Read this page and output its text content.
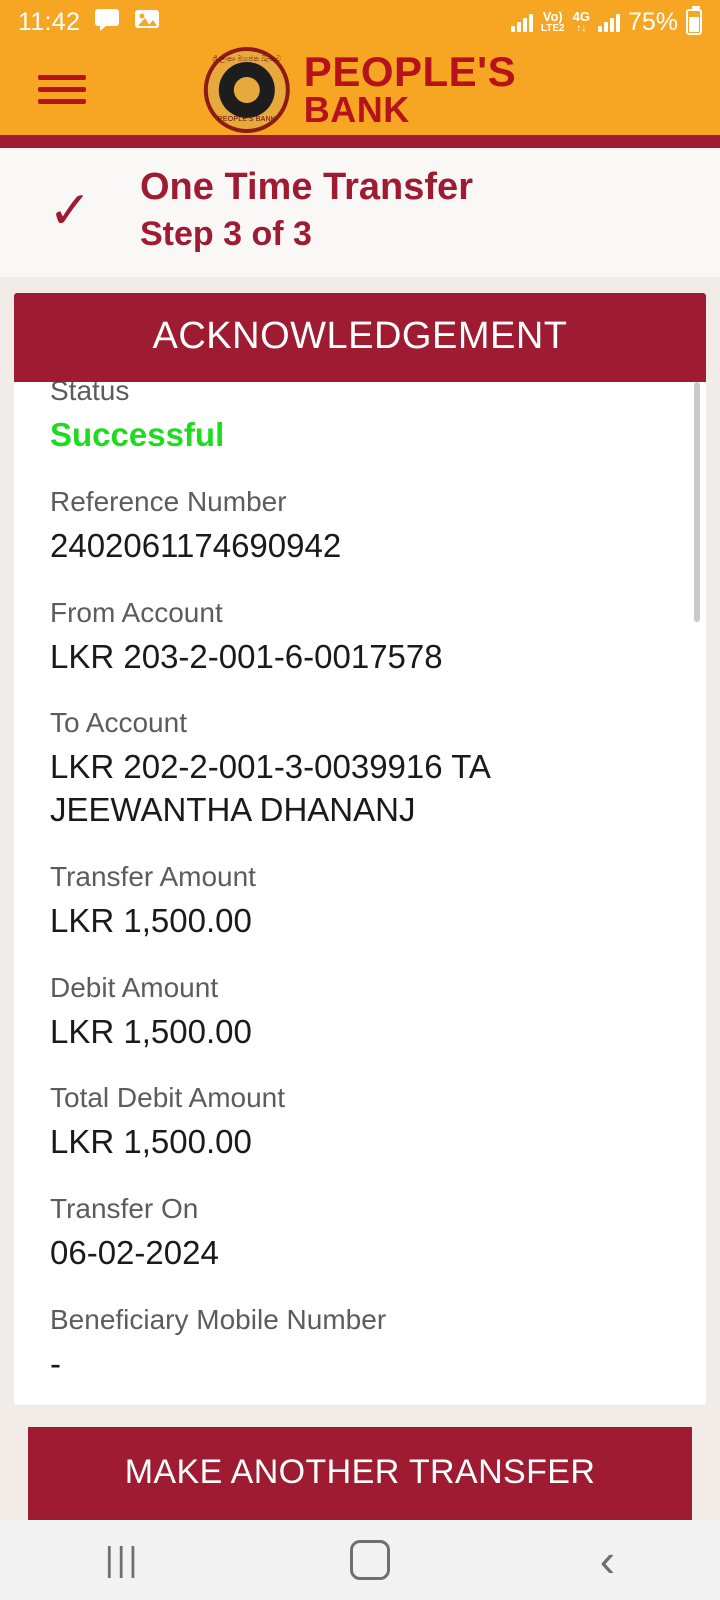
11:42	Vo)
LTE2
4G
↑↓ 75%
ශ්‍රී ලංකා මහජන බැංකුව
PEOPLE'S BANK
PEOPLE'S
BANK
✓	One Time Transfer
Step 3 of 3
ACKNOWLEDGEMENT
Status
Successful
Reference Number
2402061174690942
From Account
LKR 203-2-001-6-0017578
To Account
LKR 202-2-001-3-0039916 TA JEEWANTHA DHANANJ
Transfer Amount
LKR 1,500.00
Debit Amount
LKR 1,500.00
Total Debit Amount
LKR 1,500.00
Transfer On
06-02-2024
Beneficiary Mobile Number
-
MAKE ANOTHER TRANSFER
|||	‹
